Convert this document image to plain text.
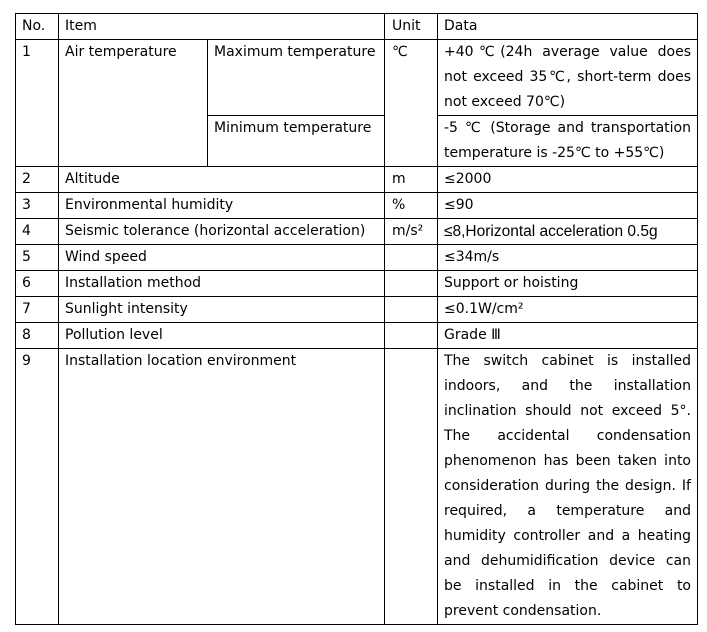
No.	Item		Unit	Data
1	Air temperature	Maximum temperature	℃	+40℃(24h average value does not exceed 35℃, short-term does not exceed 70℃)
		Minimum temperature		-5 ℃ (Storage and transportation temperature is -25℃ to +55℃)
2	Altitude		m	≤2000
3	Environmental humidity		%	≤90
4	Seismic tolerance (horizontal acceleration)		m/s²	≤8,Horizontal acceleration 0.5g
5	Wind speed			≤34m/s
6	Installation method			Support or hoisting
7	Sunlight intensity			≤0.1W/cm²
8	Pollution level			Grade Ⅲ
9	Installation location environment			The switch cabinet is installed indoors, and the installation inclination should not exceed 5°. The accidental condensation phenomenon has been taken into consideration during the design. If required, a temperature and humidity controller and a heating and dehumidification device can be installed in the cabinet to prevent condensation.
